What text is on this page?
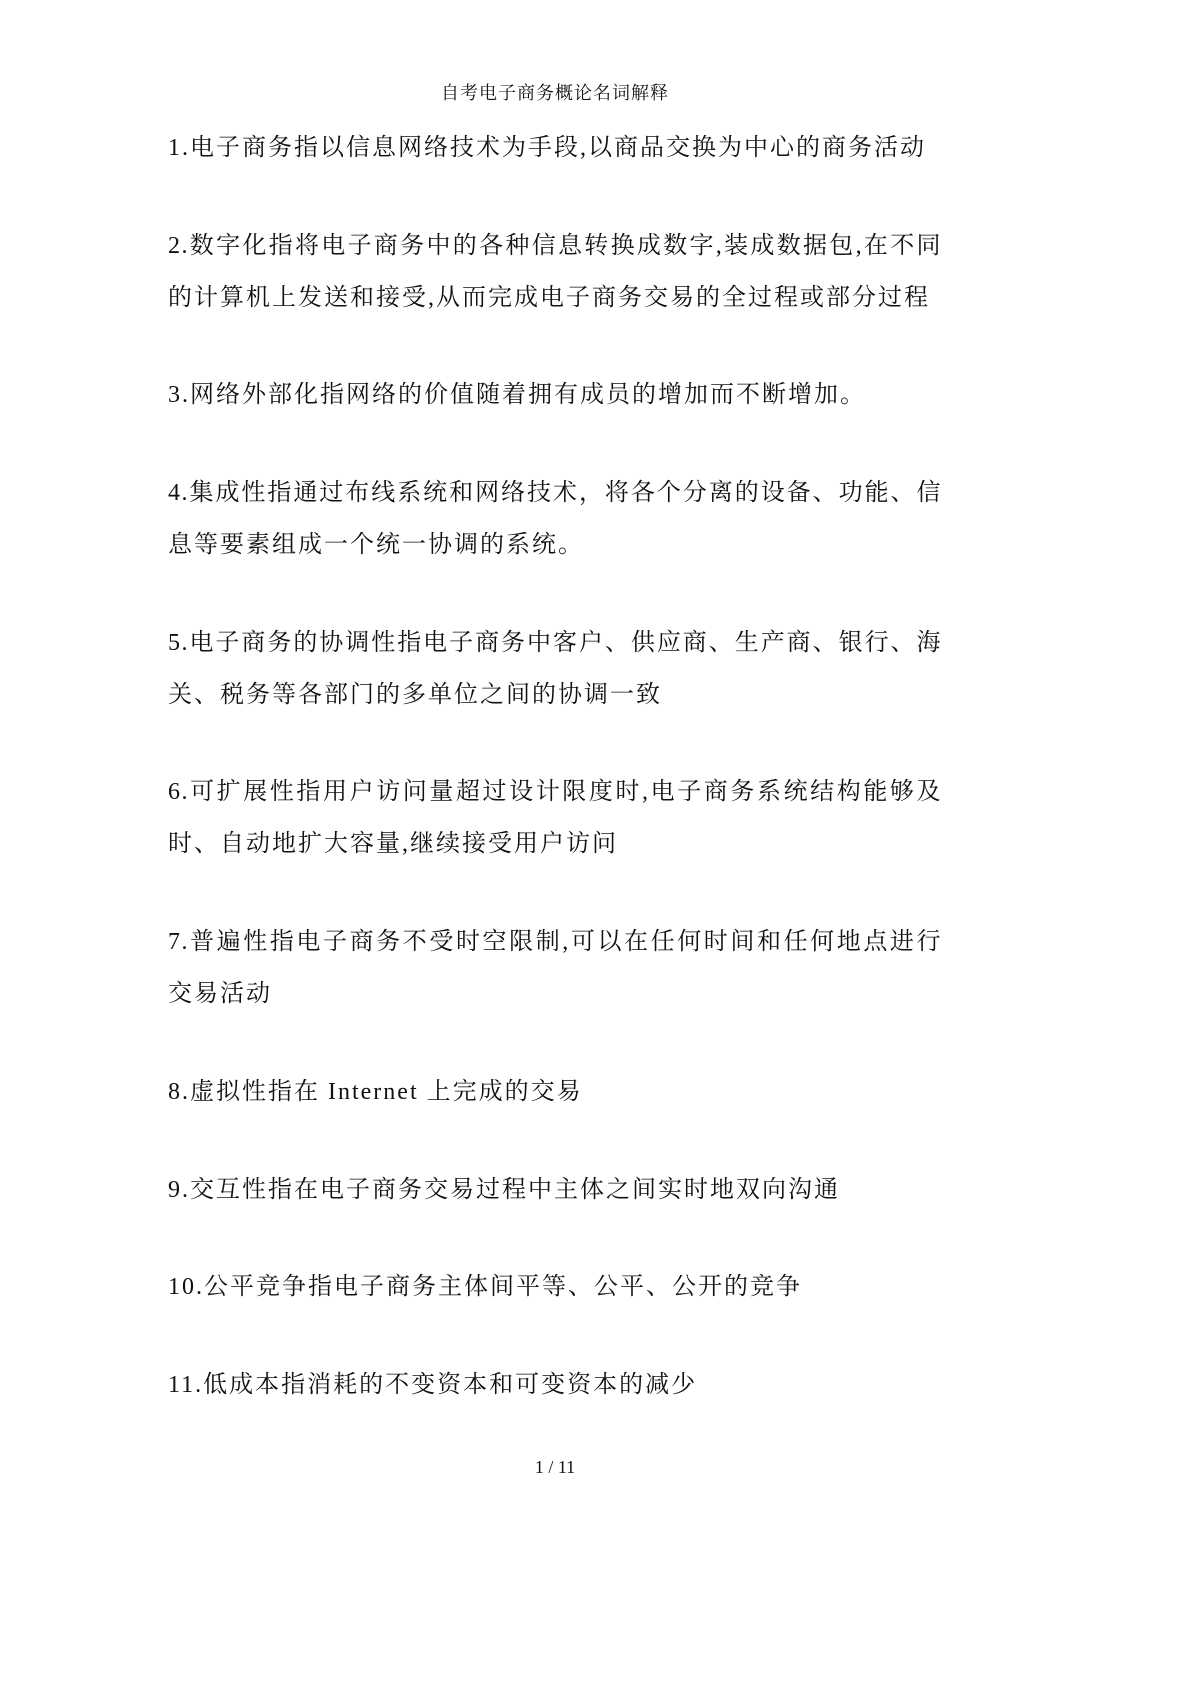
自考电子商务概论名词解释
1.电子商务指以信息网络技术为手段,以商品交换为中心的商务活动
2.数字化指将电子商务中的各种信息转换成数字,装成数据包,在不同
的计算机上发送和接受,从而完成电子商务交易的全过程或部分过程
3.网络外部化指网络的价值随着拥有成员的增加而不断增加。
4.集成性指通过布线系统和网络技术，将各个分离的设备、功能、信
息等要素组成一个统一协调的系统。
5.电子商务的协调性指电子商务中客户、供应商、生产商、银行、海
关、税务等各部门的多单位之间的协调一致
6.可扩展性指用户访问量超过设计限度时,电子商务系统结构能够及
时、自动地扩大容量,继续接受用户访问
7.普遍性指电子商务不受时空限制,可以在任何时间和任何地点进行
交易活动
8.虚拟性指在 Internet 上完成的交易
9.交互性指在电子商务交易过程中主体之间实时地双向沟通
10.公平竞争指电子商务主体间平等、公平、公开的竞争
11.低成本指消耗的不变资本和可变资本的减少
1 / 11
